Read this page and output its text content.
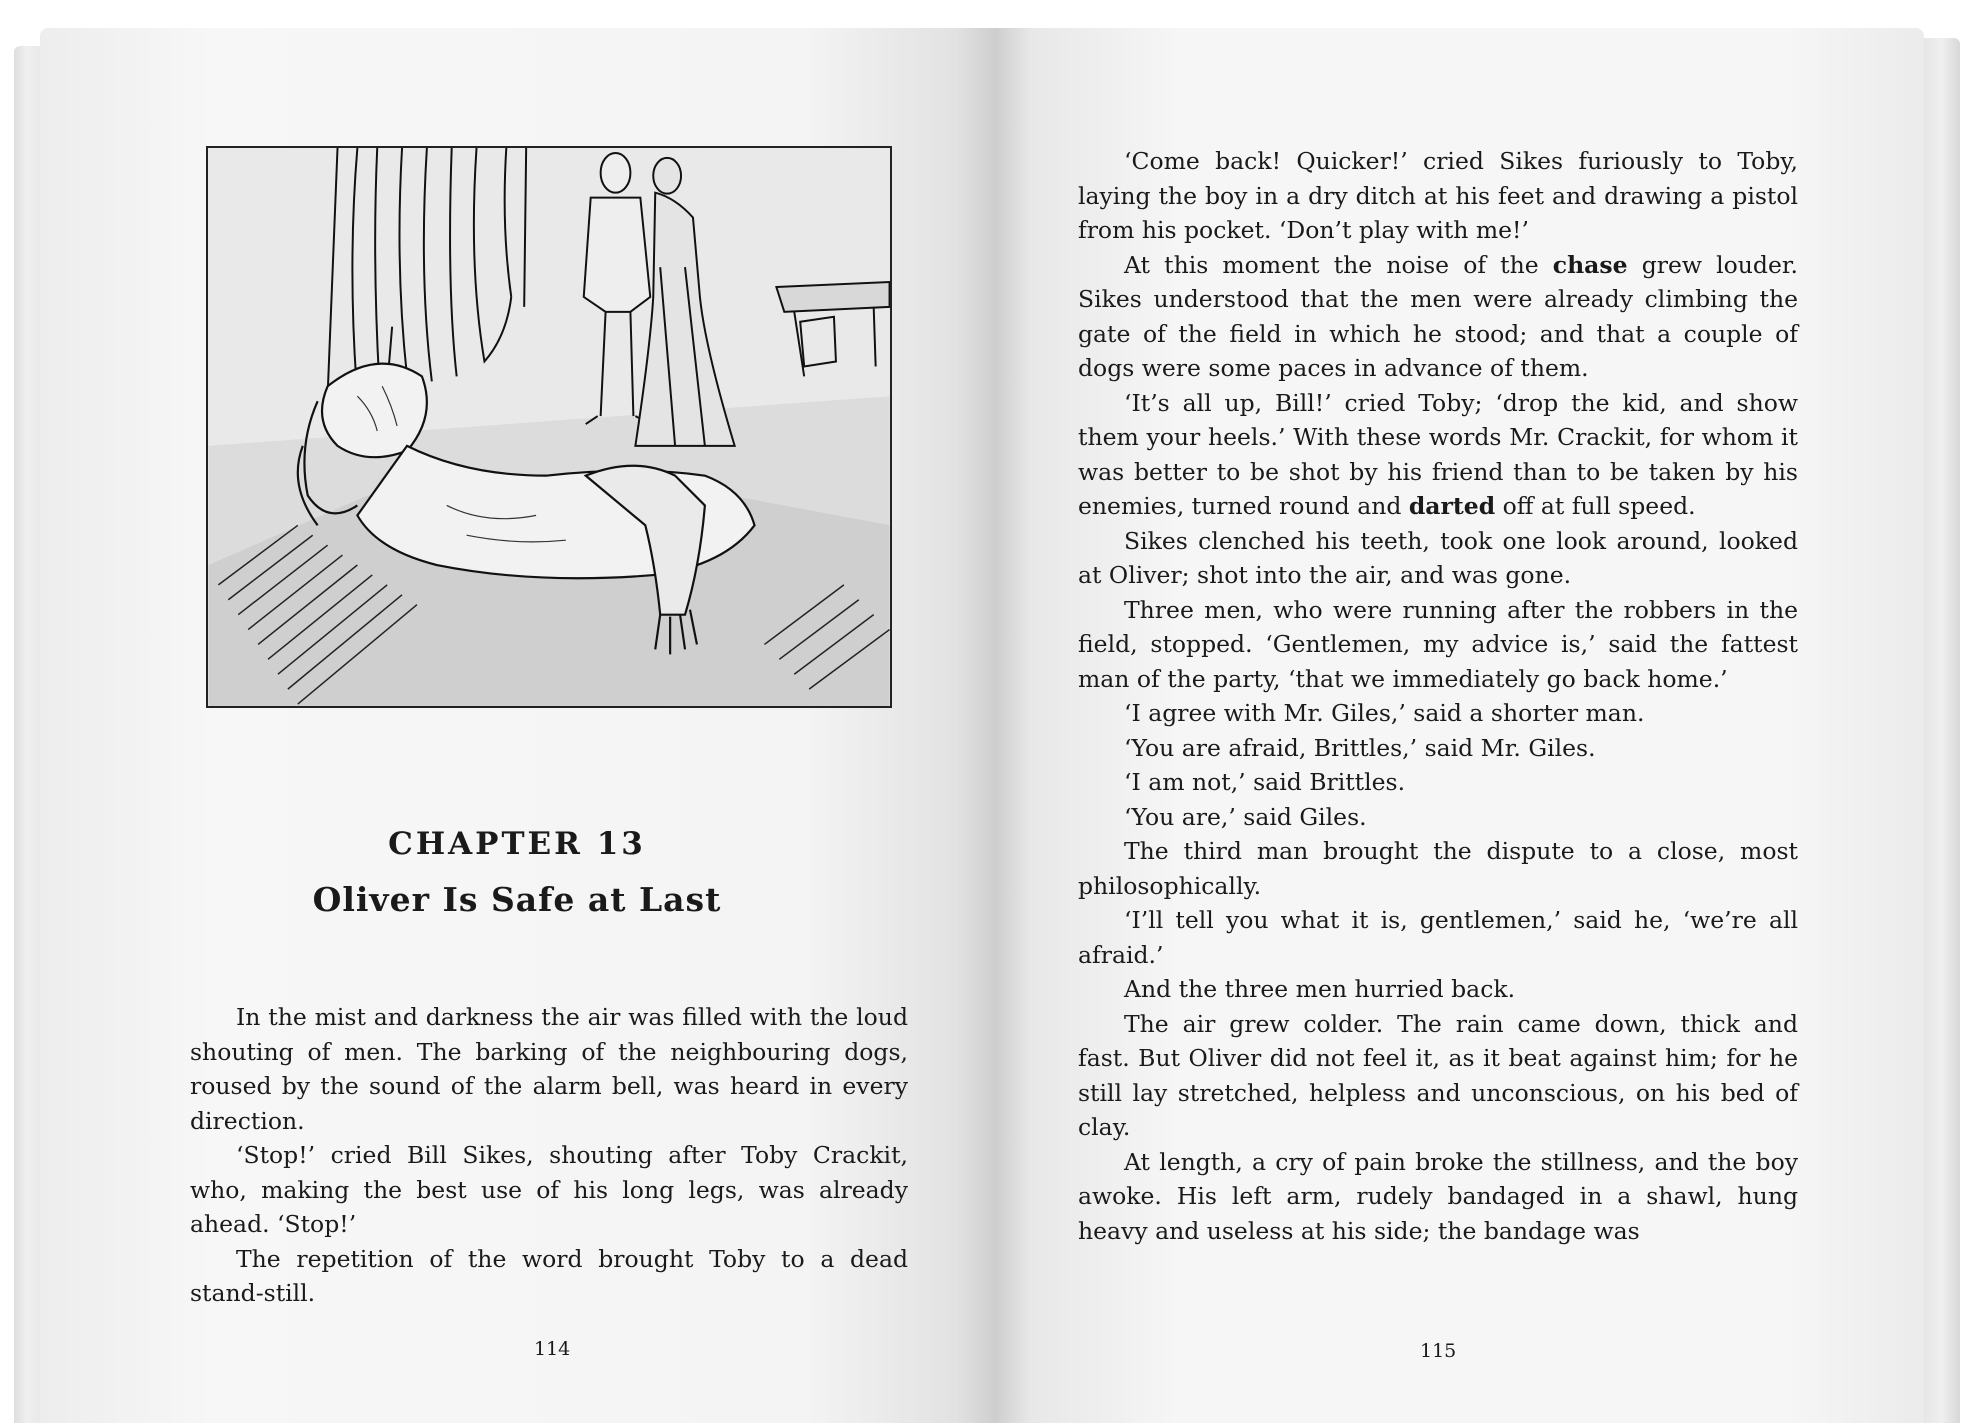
CHAPTER 13
Oliver Is Safe at Last

In the mist and darkness the air was filled with the loud shouting of men. The barking of the neighbouring dogs, roused by the sound of the alarm bell, was heard in every direction.

‘Stop!’ cried Bill Sikes, shouting after Toby Crackit, who, making the best use of his long legs, was already ahead. ‘Stop!’

The repetition of the word brought Toby to a dead stand-still.

114

‘Come back! Quicker!’ cried Sikes furiously to Toby, laying the boy in a dry ditch at his feet and drawing a pistol from his pocket. ‘Don’t play with me!’

At this moment the noise of the chase grew louder. Sikes understood that the men were already climbing the gate of the field in which he stood; and that a couple of dogs were some paces in advance of them.

‘It’s all up, Bill!’ cried Toby; ‘drop the kid, and show them your heels.’ With these words Mr. Crackit, for whom it was better to be shot by his friend than to be taken by his enemies, turned round and darted off at full speed.

Sikes clenched his teeth, took one look around, looked at Oliver; shot into the air, and was gone.

Three men, who were running after the robbers in the field, stopped. ‘Gentlemen, my advice is,’ said the fattest man of the party, ‘that we immediately go back home.’

‘I agree with Mr. Giles,’ said a shorter man.

‘You are afraid, Brittles,’ said Mr. Giles.

‘I am not,’ said Brittles.

‘You are,’ said Giles.

The third man brought the dispute to a close, most philosophically.

‘I’ll tell you what it is, gentlemen,’ said he, ‘we’re all afraid.’

And the three men hurried back.

The air grew colder. The rain came down, thick and fast. But Oliver did not feel it, as it beat against him; for he still lay stretched, helpless and unconscious, on his bed of clay.

At length, a cry of pain broke the stillness, and the boy awoke. His left arm, rudely bandaged in a shawl, hung heavy and useless at his side; the bandage was

115
